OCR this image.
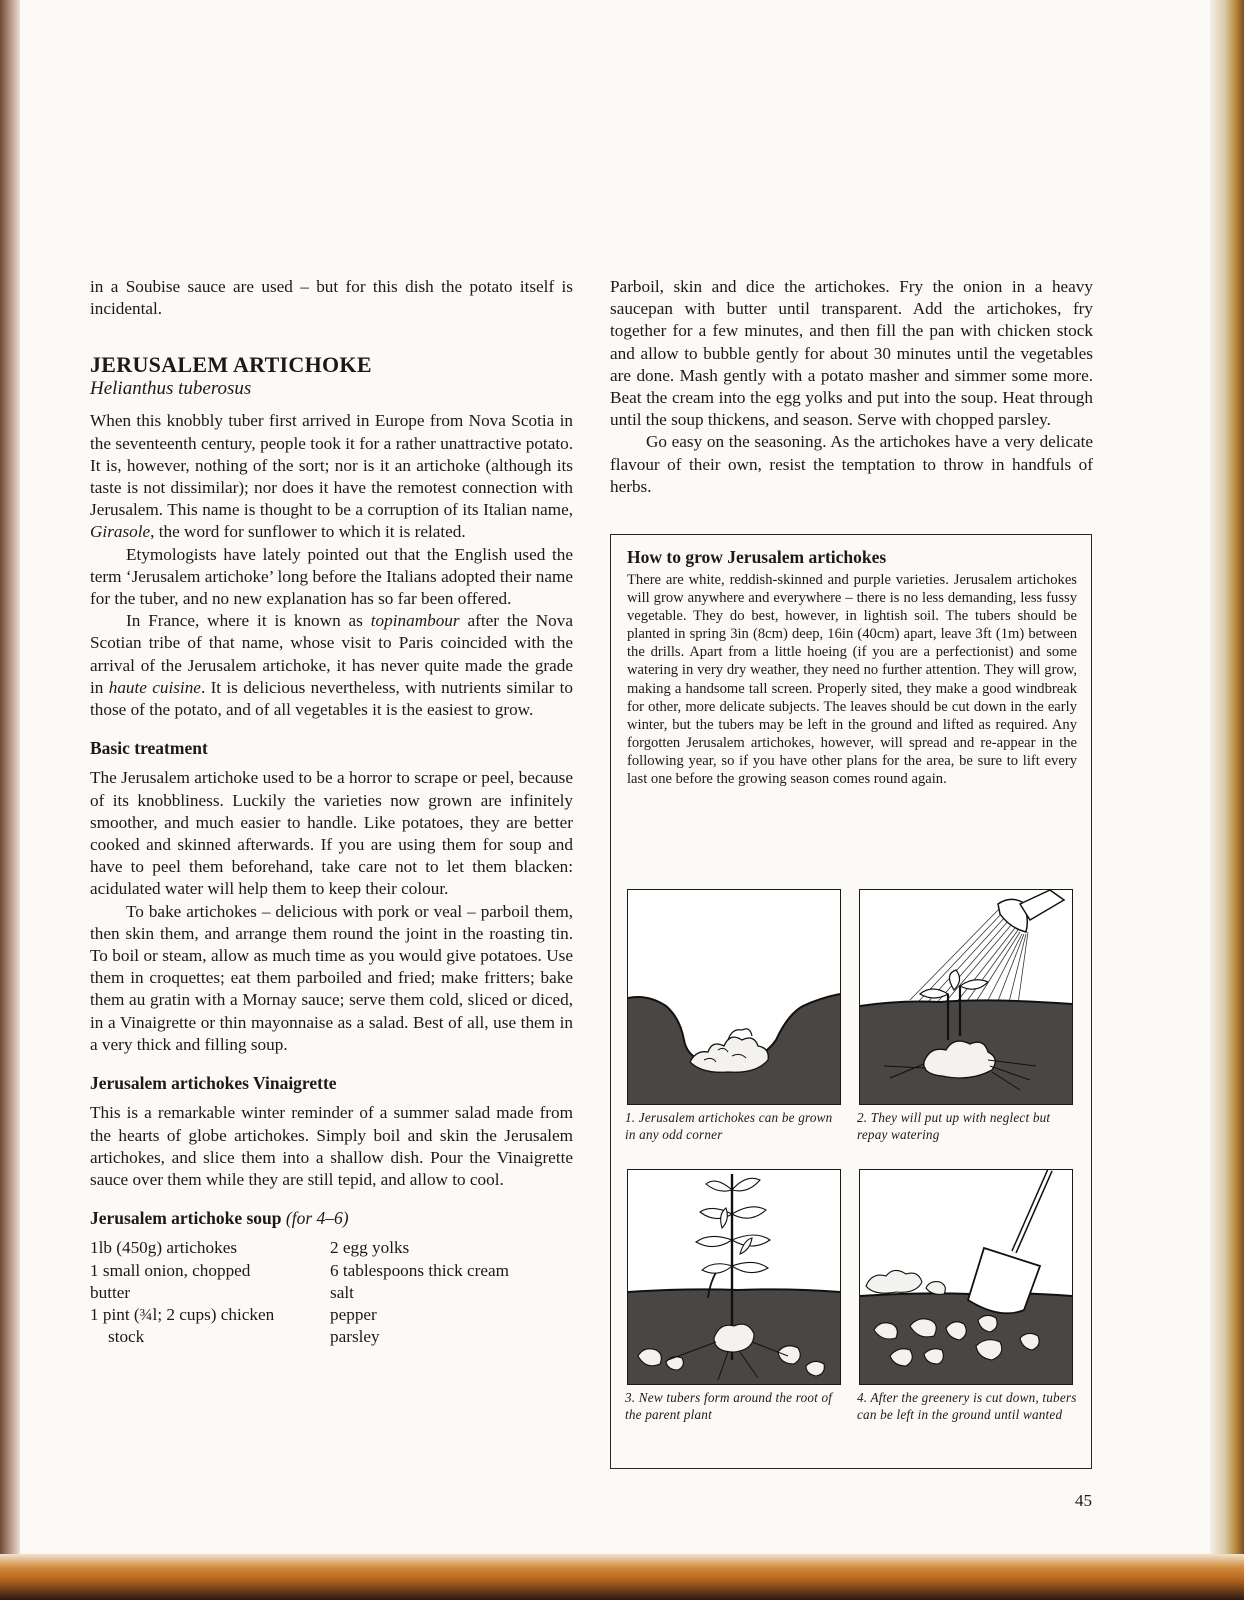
in a Soubise sauce are used – but for this dish the potato itself is incidental.

JERUSALEM ARTICHOKE
Helianthus tuberosus

When this knobbly tuber first arrived in Europe from Nova Scotia in the seventeenth century, people took it for a rather unattractive potato. It is, however, nothing of the sort; nor is it an artichoke (although its taste is not dissimilar); nor does it have the remotest connection with Jerusalem. This name is thought to be a corruption of its Italian name, Girasole, the word for sunflower to which it is related.

Etymologists have lately pointed out that the English used the term ‘Jerusalem artichoke’ long before the Italians adopted their name for the tuber, and no new explanation has so far been offered.

In France, where it is known as topinambour after the Nova Scotian tribe of that name, whose visit to Paris coincided with the arrival of the Jerusalem artichoke, it has never quite made the grade in haute cuisine. It is delicious nevertheless, with nutrients similar to those of the potato, and of all vegetables it is the easiest to grow.

Basic treatment

The Jerusalem artichoke used to be a horror to scrape or peel, because of its knobbliness. Luckily the varieties now grown are infinitely smoother, and much easier to handle. Like potatoes, they are better cooked and skinned afterwards. If you are using them for soup and have to peel them beforehand, take care not to let them blacken: acidulated water will help them to keep their colour.

To bake artichokes – delicious with pork or veal – parboil them, then skin them, and arrange them round the joint in the roasting tin. To boil or steam, allow as much time as you would give potatoes. Use them in croquettes; eat them parboiled and fried; make fritters; bake them au gratin with a Mornay sauce; serve them cold, sliced or diced, in a Vinaigrette or thin mayonnaise as a salad. Best of all, use them in a very thick and filling soup.

Jerusalem artichokes Vinaigrette

This is a remarkable winter reminder of a summer salad made from the hearts of globe artichokes. Simply boil and skin the Jerusalem artichokes, and slice them into a shallow dish. Pour the Vinaigrette sauce over them while they are still tepid, and allow to cool.

Jerusalem artichoke soup (for 4–6)
1lb (450g) artichokes
1 small onion, chopped
butter
1 pint (¾l; 2 cups) chicken
stock
2 egg yolks
6 tablespoons thick cream
salt
pepper
parsley

Parboil, skin and dice the artichokes. Fry the onion in a heavy saucepan with butter until transparent. Add the artichokes, fry together for a few minutes, and then fill the pan with chicken stock and allow to bubble gently for about 30 minutes until the vegetables are done. Mash gently with a potato masher and simmer some more. Beat the cream into the egg yolks and put into the soup. Heat through until the soup thickens, and season. Serve with chopped parsley.

Go easy on the seasoning. As the artichokes have a very delicate flavour of their own, resist the temptation to throw in handfuls of herbs.

How to grow Jerusalem artichokes
There are white, reddish-skinned and purple varieties. Jerusalem artichokes will grow anywhere and everywhere – there is no less demanding, less fussy vegetable. They do best, however, in lightish soil. The tubers should be planted in spring 3in (8cm) deep, 16in (40cm) apart, leave 3ft (1m) between the drills. Apart from a little hoeing (if you are a perfectionist) and some watering in very dry weather, they need no further attention. They will grow, making a handsome tall screen. Properly sited, they make a good windbreak for other, more delicate subjects. The leaves should be cut down in the early winter, but the tubers may be left in the ground and lifted as required. Any forgotten Jerusalem artichokes, however, will spread and re-appear in the following year, so if you have other plans for the area, be sure to lift every last one before the growing season comes round again.
1. Jerusalem artichokes can be grown in any odd corner
2. They will put up with neglect but repay watering
3. New tubers form around the root of the parent plant
4. After the greenery is cut down, tubers can be left in the ground until wanted
45
